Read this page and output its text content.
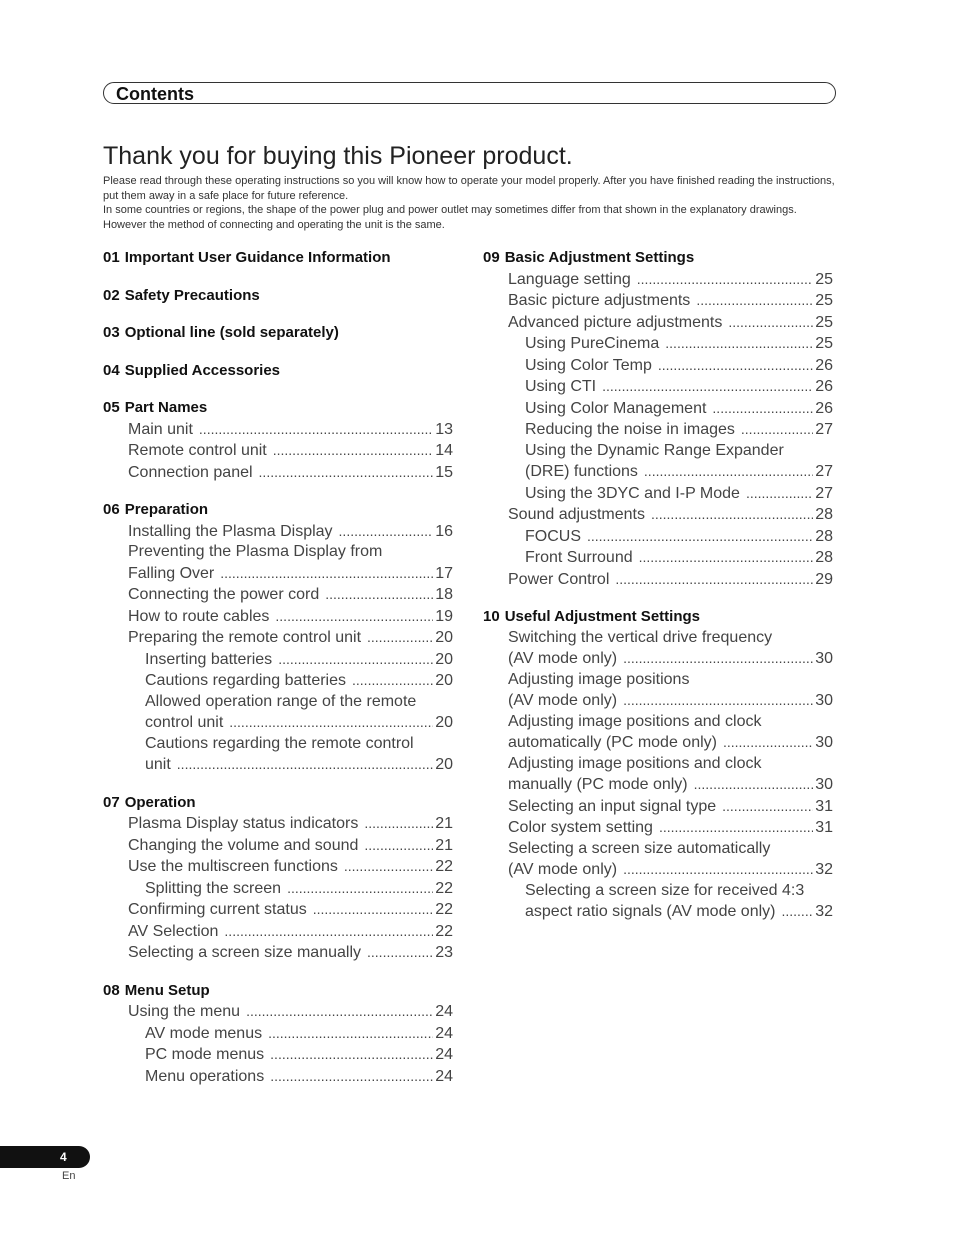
Contents
Thank you for buying this Pioneer product.

Please read through these operating instructions so you will know how to operate your model properly. After you have finished reading the instructions, put them away in a safe place for future reference.

In some countries or regions, the shape of the power plug and power outlet may sometimes differ from that shown in the explanatory drawings. However the method of connecting and operating the unit is the same.

01 Important User Guidance Information
02 Safety Precautions
03 Optional line (sold separately)
04 Supplied Accessories
05 Part Names
Main unit .....	13
Remote control unit .....	14
Connection panel .....	15
06 Preparation
Installing the Plasma Display .....	16
Preventing the Plasma Display from
Falling Over .....	17
Connecting the power cord .....	18
How to route cables .....	19
Preparing the remote control unit .....	20
Inserting batteries .....	20
Cautions regarding batteries .....	20
Allowed operation range of the remote
control unit .....	20
Cautions regarding the remote control
unit .....	20
07 Operation
Plasma Display status indicators .....	21
Changing the volume and sound .....	21
Use the multiscreen functions .....	22
Splitting the screen .....	22
Confirming current status .....	22
AV Selection .....	22
Selecting a screen size manually .....	23
08 Menu Setup
Using the menu .....	24
AV mode menus .....	24
PC mode menus .....	24
Menu operations .....	24
09 Basic Adjustment Settings
Language setting .....	25
Basic picture adjustments .....	25
Advanced picture adjustments .....	25
Using PureCinema .....	25
Using Color Temp .....	26
Using CTI .....	26
Using Color Management .....	26
Reducing the noise in images .....	27
Using the Dynamic Range Expander
(DRE) functions .....	27
Using the 3DYC and I-P Mode .....	27
Sound adjustments .....	28
FOCUS .....	28
Front Surround .....	28
Power Control .....	29
10 Useful Adjustment Settings
Switching the vertical drive frequency
(AV mode only) .....	30
Adjusting image positions
(AV mode only) .....	30
Adjusting image positions and clock
automatically (PC mode only) .....	30
Adjusting image positions and clock
manually (PC mode only) .....	30
Selecting an input signal type .....	31
Color system setting .....	31
Selecting a screen size automatically
(AV mode only) .....	32
Selecting a screen size for received 4:3
aspect ratio signals (AV mode only) ..... 32
4
En
